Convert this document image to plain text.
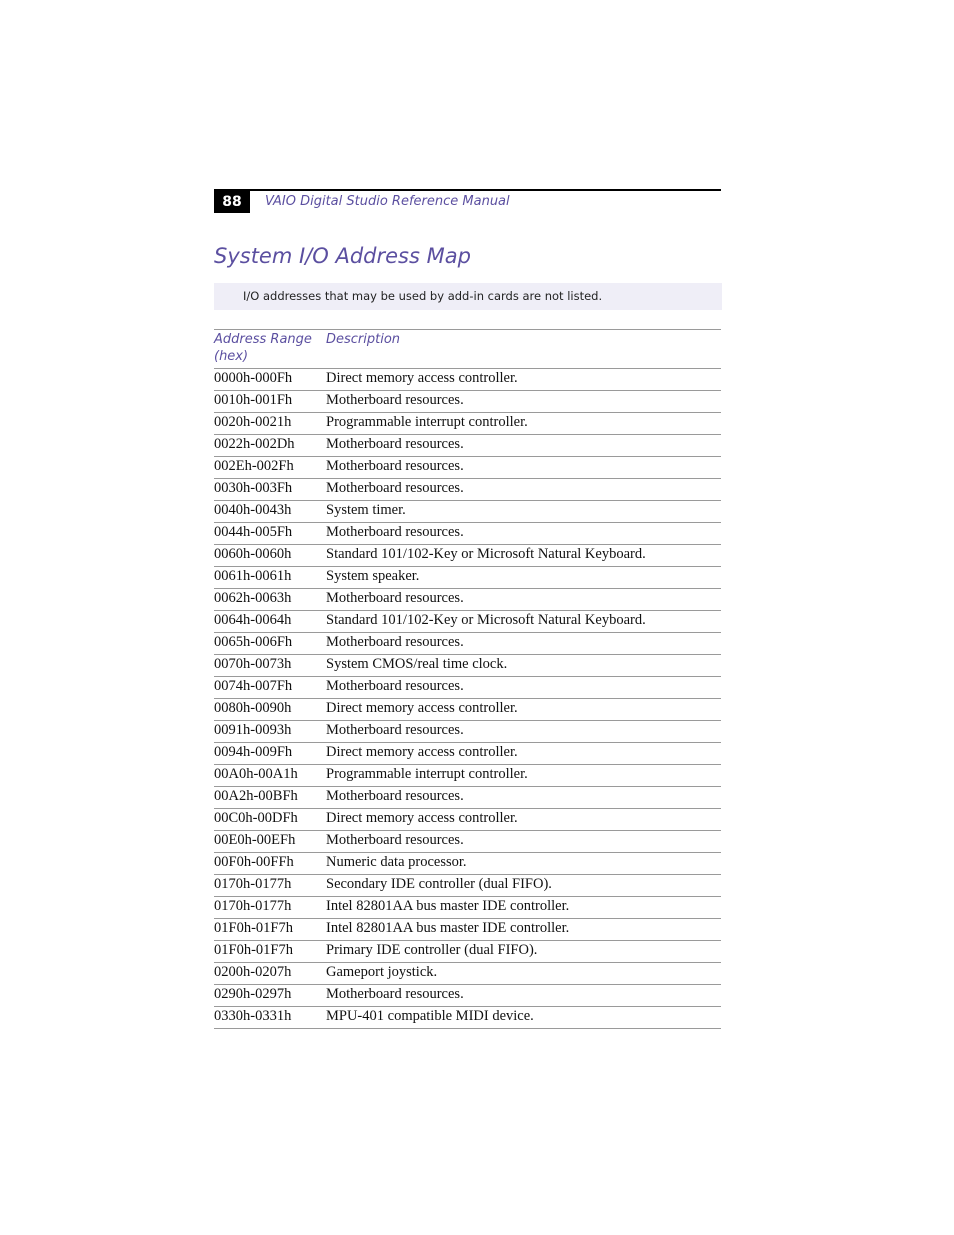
88	VAIO Digital Studio Reference Manual
System I/O Address Map
I/O addresses that may be used by add-in cards are not listed.
Address Range (hex)
Description
0000h-000Fh Direct memory access controller.
0010h-001Fh Motherboard resources.
0020h-0021h Programmable interrupt controller.
0022h-002Dh Motherboard resources.
002Eh-002Fh Motherboard resources.
0030h-003Fh Motherboard resources.
0040h-0043h System timer.
0044h-005Fh Motherboard resources.
0060h-0060h Standard 101/102-Key or Microsoft Natural Keyboard.
0061h-0061h System speaker.
0062h-0063h Motherboard resources.
0064h-0064h Standard 101/102-Key or Microsoft Natural Keyboard.
0065h-006Fh Motherboard resources.
0070h-0073h System CMOS/real time clock.
0074h-007Fh Motherboard resources.
0080h-0090h Direct memory access controller.
0091h-0093h Motherboard resources.
0094h-009Fh Direct memory access controller.
00A0h-00A1h Programmable interrupt controller.
00A2h-00BFh Motherboard resources.
00C0h-00DFh Direct memory access controller.
00E0h-00EFh Motherboard resources.
00F0h-00FFh Numeric data processor.
0170h-0177h Secondary IDE controller (dual FIFO).
0170h-0177h Intel 82801AA bus master IDE controller.
01F0h-01F7h Intel 82801AA bus master IDE controller.
01F0h-01F7h Primary IDE controller (dual FIFO).
0200h-0207h Gameport joystick.
0290h-0297h Motherboard resources.
0330h-0331h MPU-401 compatible MIDI device.
